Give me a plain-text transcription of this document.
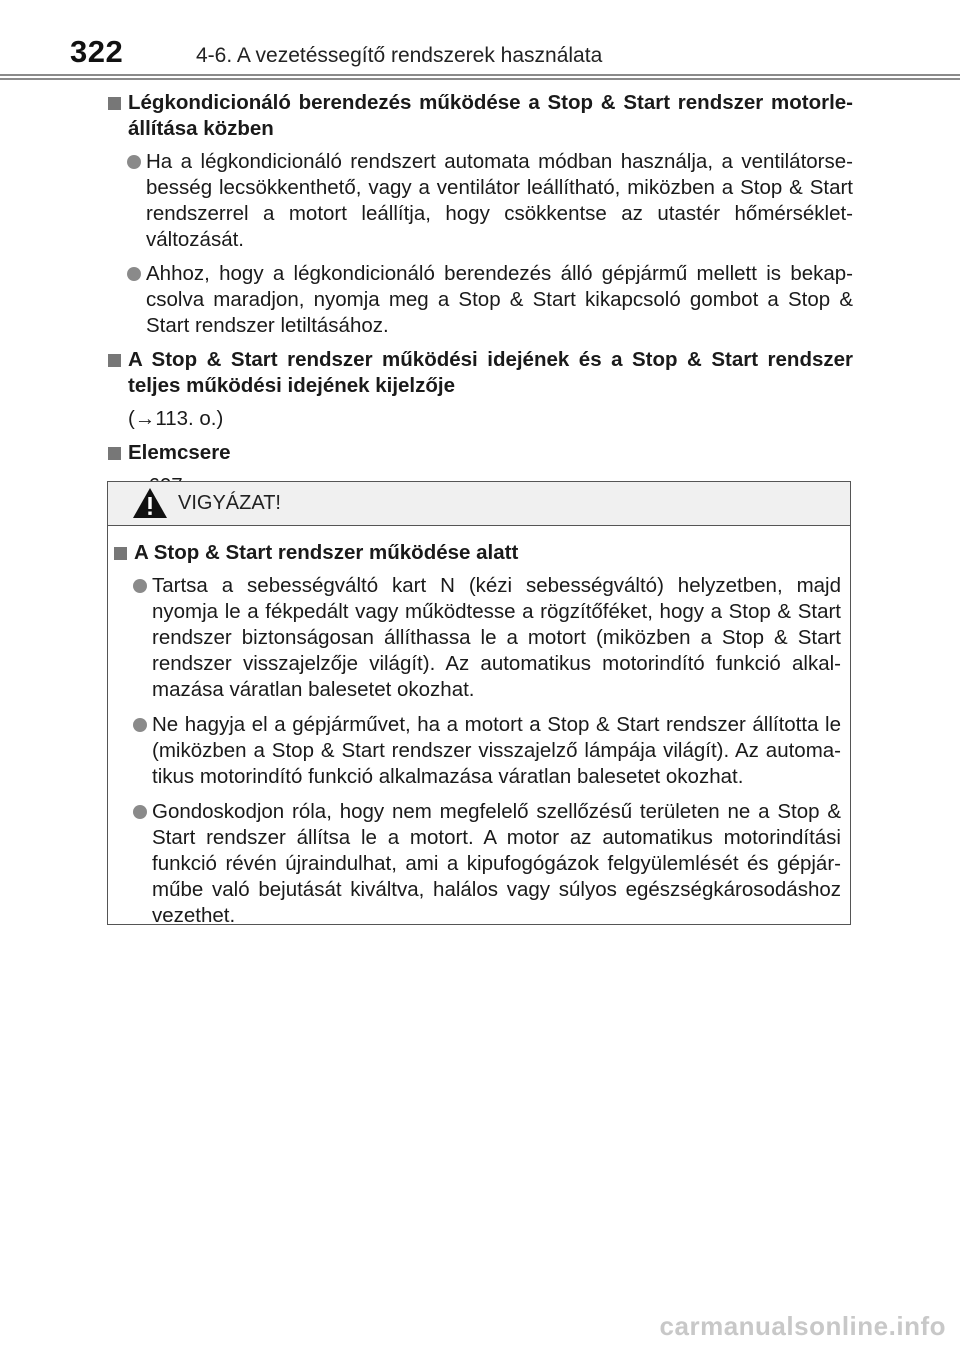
322	4-6. A vezetéssegítő rendszerek használata
Légkondicionáló berendezés működése a Stop & Start rendszer motorle-állítása közben
Ha a légkondicionáló rendszert automata módban használja, a ventilátorse-besség lecsökkenthető, vagy a ventilátor leállítható, miközben a Stop & Start rendszerrel a motort leállítja, hogy csökkentse az utastér hőmérséklet-változását.
Ahhoz, hogy a légkondicionáló berendezés álló gépjármű mellett is bekap-csolva maradjon, nyomja meg a Stop & Start kikapcsoló gombot a Stop & Start rendszer letiltásához.
A Stop & Start rendszer működési idejének és a Stop & Start rendszer teljes működési idejének kijelzője
(→113. o.)
Elemcsere
VIGYÁZAT!
A Stop & Start rendszer működése alatt
Tartsa a sebességváltó kart N (kézi sebességváltó) helyzetben, majd nyomja le a fékpedált vagy működtesse a rögzítőféket, hogy a Stop & Start rendszer biztonságosan állíthassa le a motort (miközben a Stop & Start rendszer visszajelzője világít). Az automatikus motorindító funkció alkal-mazása váratlan balesetet okozhat.
Ne hagyja el a gépjárművet, ha a motort a Stop & Start rendszer állította le (miközben a Stop & Start rendszer visszajelző lámpája világít). Az automa-tikus motorindító funkció alkalmazása váratlan balesetet okozhat.
Gondoskodjon róla, hogy nem megfelelő szellőzésű területen ne a Stop & Start rendszer állítsa le a motort. A motor az automatikus motorindítási funkció révén újraindulhat, ami a kipufogógázok felgyülemlését és gépjár-műbe való bejutását kiváltva, halálos vagy súlyos egészségkárosodáshoz vezethet.
carmanualsonline.info
